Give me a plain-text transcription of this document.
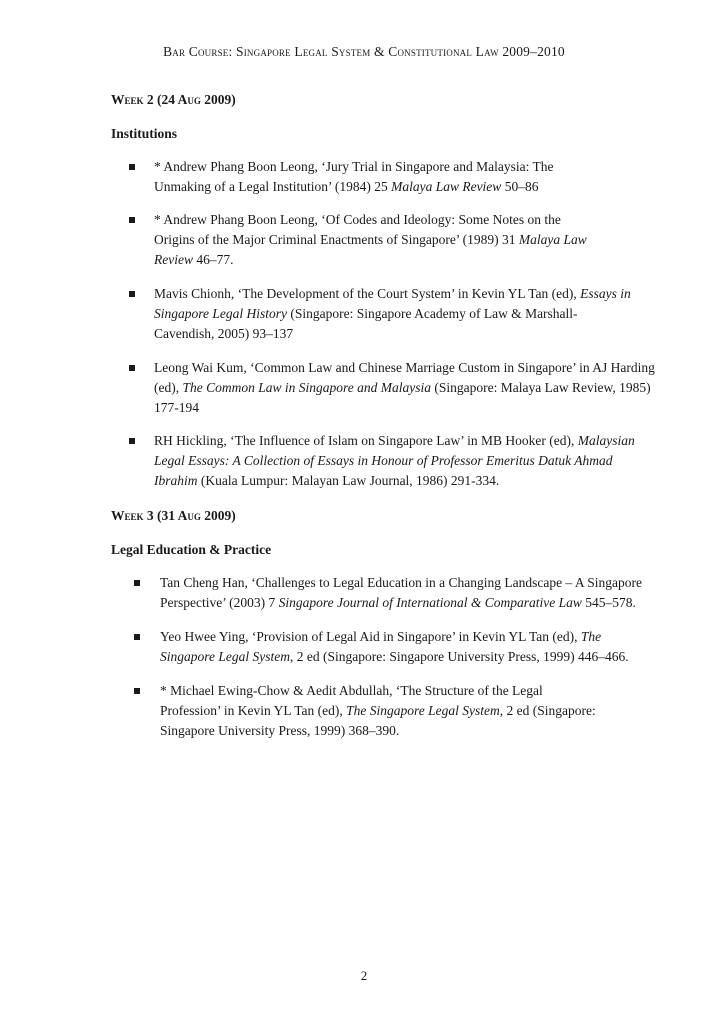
Bar Course: Singapore Legal System & Constitutional Law 2009–2010

Week 2 (24 Aug 2009)

Institutions

* Andrew Phang Boon Leong, ‘Jury Trial in Singapore and Malaysia: The Unmaking of a Legal Institution’ (1984) 25 Malaya Law Review 50–86
* Andrew Phang Boon Leong, ‘Of Codes and Ideology: Some Notes on the Origins of the Major Criminal Enactments of Singapore’ (1989) 31 Malaya Law Review 46–77.
Mavis Chionh, ‘The Development of the Court System’ in Kevin YL Tan (ed), Essays in Singapore Legal History (Singapore: Singapore Academy of Law & Marshall-Cavendish, 2005) 93–137
Leong Wai Kum, ‘Common Law and Chinese Marriage Custom in Singapore’ in AJ Harding (ed), The Common Law in Singapore and Malaysia (Singapore: Malaya Law Review, 1985) 177-194
RH Hickling, ‘The Influence of Islam on Singapore Law’ in MB Hooker (ed), Malaysian Legal Essays: A Collection of Essays in Honour of Professor Emeritus Datuk Ahmad Ibrahim (Kuala Lumpur: Malayan Law Journal, 1986) 291-334.

Week 3 (31 Aug 2009)

Legal Education & Practice

Tan Cheng Han, ‘Challenges to Legal Education in a Changing Landscape – A Singapore Perspective’ (2003) 7 Singapore Journal of International & Comparative Law 545–578.
Yeo Hwee Ying, ‘Provision of Legal Aid in Singapore’ in Kevin YL Tan (ed), The Singapore Legal System, 2 ed (Singapore: Singapore University Press, 1999) 446–466.
* Michael Ewing-Chow & Aedit Abdullah, ‘The Structure of the Legal Profession’ in Kevin YL Tan (ed), The Singapore Legal System, 2 ed (Singapore: Singapore University Press, 1999) 368–390.
2
